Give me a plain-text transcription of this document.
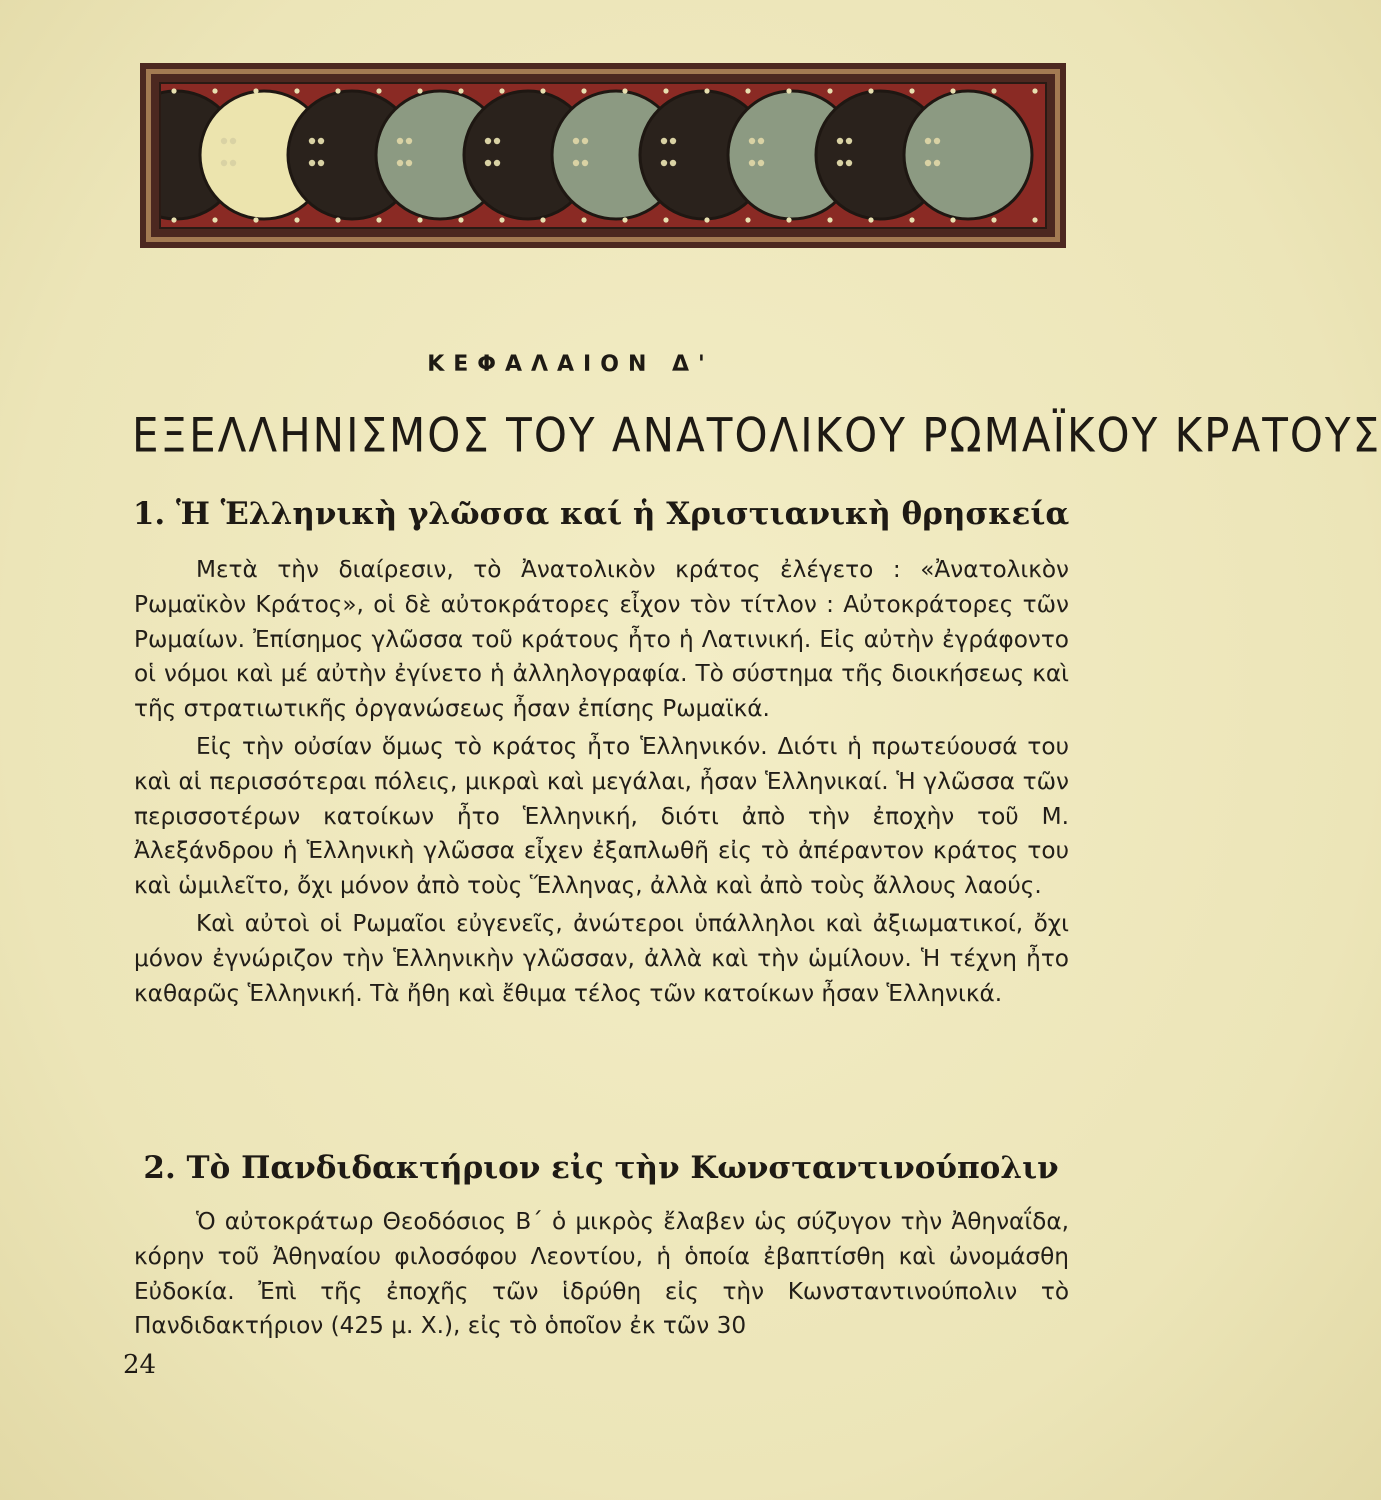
ΚΕΦΑΛΑΙΟΝ Δ'
ΕΞΕΛΛΗΝΙΣΜΟΣ ΤΟΥ ΑΝΑΤΟΛΙΚΟΥ ΡΩΜΑΪΚΟΥ ΚΡΑΤΟΥΣ
1. Ἡ Ἑλληνικὴ γλῶσσα καί ἡ Χριστιανικὴ θρησκεία

Μετὰ τὴν διαίρεσιν, τὸ Ἀνατολικὸν κράτος ἐλέγετο : «Ἀνατολικὸν Ρωμαϊκὸν Κράτος», οἱ δὲ αὐτοκράτορες εἶχον τὸν τίτλον : Αὐτοκράτορες τῶν Ρωμαίων. Ἐπίσημος γλῶσσα τοῦ κράτους ἦτο ἡ Λατινική. Εἰς αὐτὴν ἐγράφοντο οἱ νόμοι καὶ μέ αὐτὴν ἐγίνετο ἡ ἀλληλογραφία. Τὸ σύστημα τῆς διοικήσεως καὶ τῆς στρατιωτικῆς ὀργανώσεως ἦσαν ἐπίσης Ρωμαϊκά.

Εἰς τὴν οὐσίαν ὅμως τὸ κράτος ἦτο Ἑλληνικόν. Διότι ἡ πρωτεύουσά του καὶ αἱ περισσότεραι πόλεις, μικραὶ καὶ μεγάλαι, ἦσαν Ἑλληνικαί. Ἡ γλῶσσα τῶν περισσοτέρων κατοίκων ἦτο Ἑλληνική, διότι ἀπὸ τὴν ἐποχὴν τοῦ Μ. Ἀλεξάνδρου ἡ Ἑλληνικὴ γλῶσσα εἶχεν ἐξαπλωθῆ εἰς τὸ ἀπέραντον κράτος του καὶ ὡμιλεῖτο, ὄχι μόνον ἀπὸ τοὺς Ἕλληνας, ἀλλὰ καὶ ἀπὸ τοὺς ἄλλους λαούς.

Καὶ αὐτοὶ οἱ Ρωμαῖοι εὐγενεῖς, ἀνώτεροι ὑπάλληλοι καὶ ἀξιωματικοί, ὄχι μόνον ἐγνώριζον τὴν Ἑλληνικὴν γλῶσσαν, ἀλλὰ καὶ τὴν ὡμίλουν. Ἡ τέχνη ἦτο καθαρῶς Ἑλληνική. Τὰ ἤθη καὶ ἔθιμα τέλος τῶν κατοίκων ἦσαν Ἑλληνικά.

2. Τὸ Πανδιδακτήριον εἰς τὴν Κωνσταντινούπολιν

Ὁ αὐτοκράτωρ Θεοδόσιος Β΄ ὁ μικρὸς ἔλαβεν ὡς σύζυγον τὴν Ἀθηναΐδα, κόρην τοῦ Ἀθηναίου φιλοσόφου Λεοντίου, ἡ ὁποία ἐβαπτίσθη καὶ ὠνομάσθη Εὐδοκία. Ἐπὶ τῆς ἐποχῆς τῶν ἱδρύθη εἰς τὴν Κωνσταντινούπολιν τὸ Πανδιδακτήριον (425 μ. Χ.), εἰς τὸ ὁποῖον ἐκ τῶν 30

24
